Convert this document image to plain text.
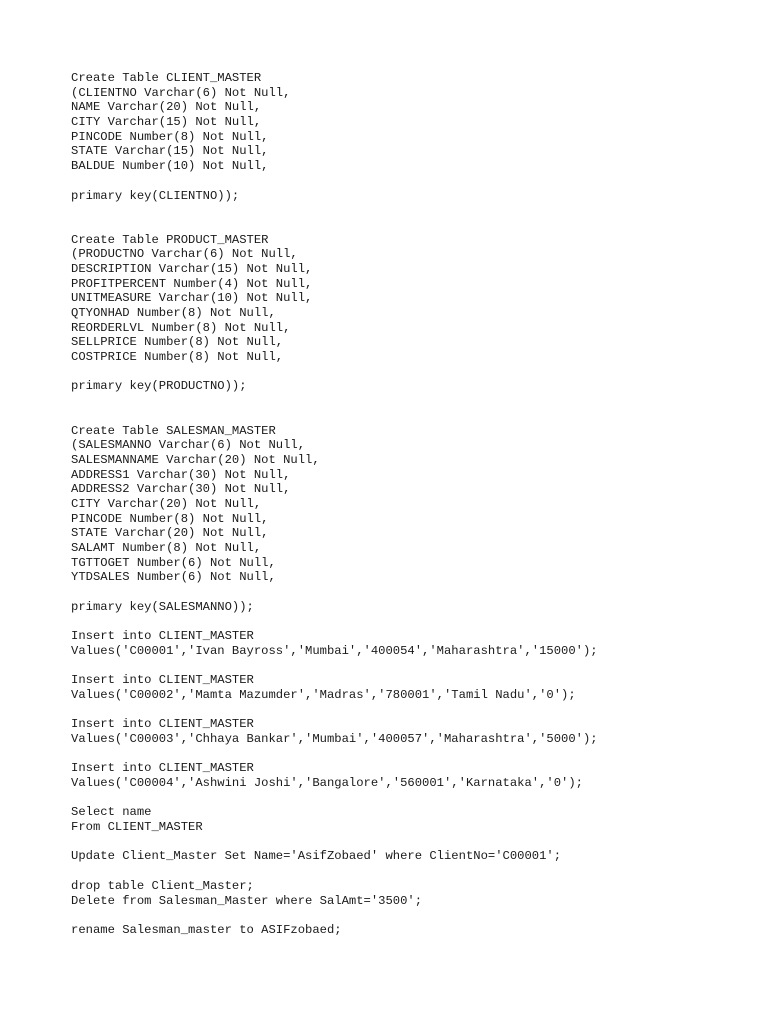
Create Table CLIENT_MASTER
(CLIENTNO Varchar(6) Not Null,
NAME Varchar(20) Not Null,
CITY Varchar(15) Not Null,
PINCODE Number(8) Not Null,
STATE Varchar(15) Not Null,
BALDUE Number(10) Not Null,
primary key(CLIENTNO));
Create Table PRODUCT_MASTER
(PRODUCTNO Varchar(6) Not Null,
DESCRIPTION Varchar(15) Not Null,
PROFITPERCENT Number(4) Not Null,
UNITMEASURE Varchar(10) Not Null,
QTYONHAD Number(8) Not Null,
REORDERLVL Number(8) Not Null,
SELLPRICE Number(8) Not Null,
COSTPRICE Number(8) Not Null,
primary key(PRODUCTNO));
Create Table SALESMAN_MASTER
(SALESMANNO Varchar(6) Not Null,
SALESMANNAME Varchar(20) Not Null,
ADDRESS1 Varchar(30) Not Null,
ADDRESS2 Varchar(30) Not Null,
CITY Varchar(20) Not Null,
PINCODE Number(8) Not Null,
STATE Varchar(20) Not Null,
SALAMT Number(8) Not Null,
TGTTOGET Number(6) Not Null,
YTDSALES Number(6) Not Null,
primary key(SALESMANNO));
Insert into CLIENT_MASTER
Values('C00001','Ivan Bayross','Mumbai','400054','Maharashtra','15000');
Insert into CLIENT_MASTER
Values('C00002','Mamta Mazumder','Madras','780001','Tamil Nadu','0');
Insert into CLIENT_MASTER
Values('C00003','Chhaya Bankar','Mumbai','400057','Maharashtra','5000');
Insert into CLIENT_MASTER
Values('C00004','Ashwini Joshi','Bangalore','560001','Karnataka','0');
Select name
From CLIENT_MASTER
Update Client_Master Set Name='AsifZobaed' where ClientNo='C00001';
drop table Client_Master;
Delete from Salesman_Master where SalAmt='3500';
rename Salesman_master to ASIFzobaed;
